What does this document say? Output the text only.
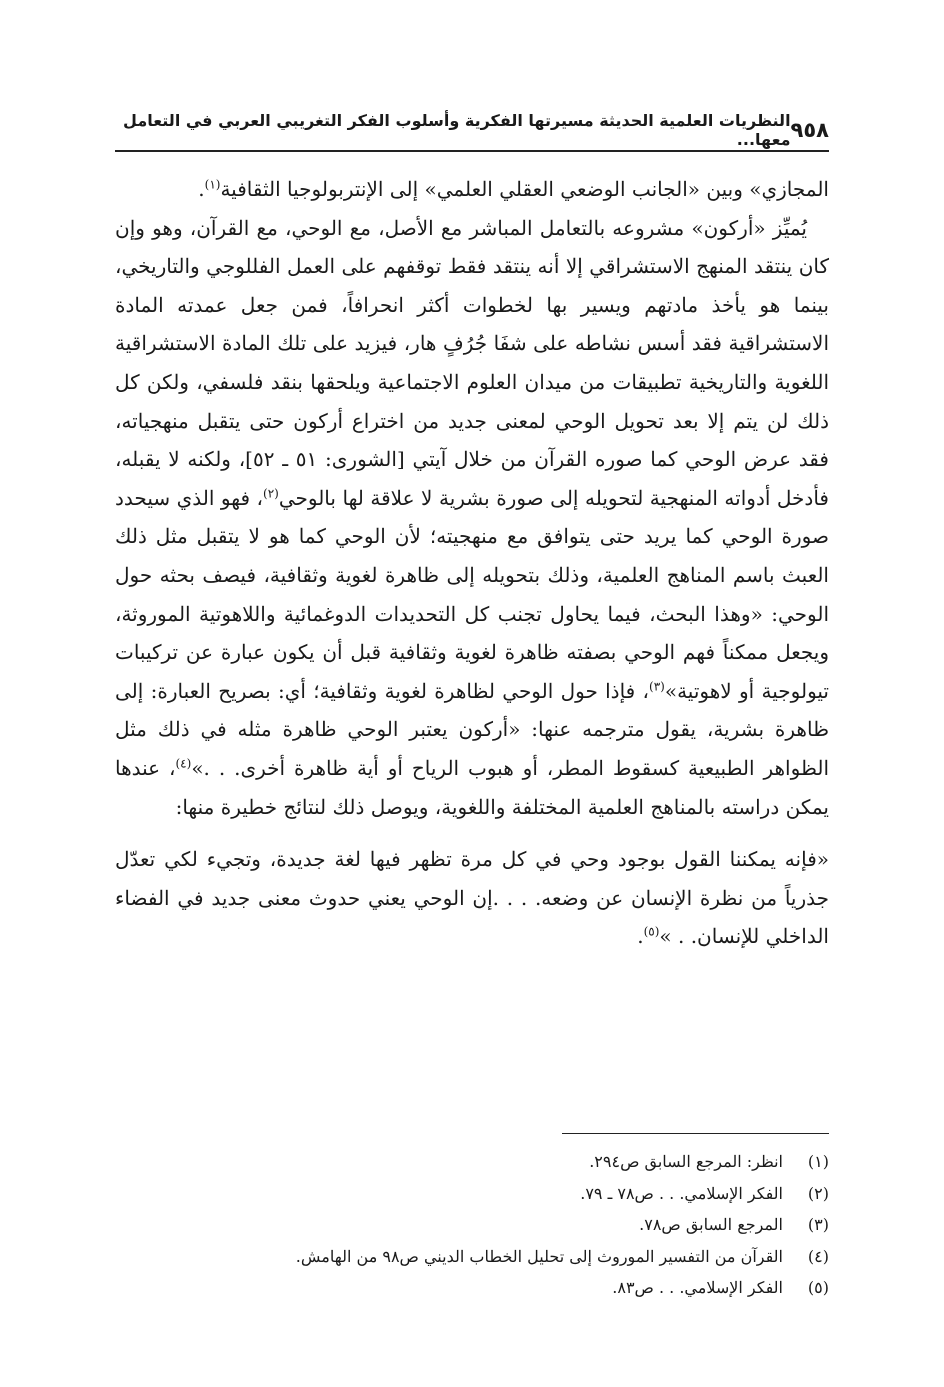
٩٥٨
النظريات العلمية الحديثة مسيرتها الفكرية وأسلوب الفكر التغريبي العربي في التعامل معها...

المجازي» وبين «الجانب الوضعي العقلي العلمي» إلى الإنتربولوجيا الثقافية$^{(١)}$.

يُميِّز «أركون» مشروعه بالتعامل المباشر مع الأصل، مع الوحي، مع القرآن، وهو وإن كان ينتقد المنهج الاستشراقي إلا أنه ينتقد فقط توقفهم على العمل الفللوجي والتاريخي، بينما هو يأخذ مادتهم ويسير بها لخطوات أكثر انحرافاً، فمن جعل عمدته المادة الاستشراقية فقد أسس نشاطه على شفَا جُرُفٍ هار، فيزيد على تلك المادة الاستشراقية اللغوية والتاريخية تطبيقات من ميدان العلوم الاجتماعية ويلحقها بنقد فلسفي، ولكن كل ذلك لن يتم إلا بعد تحويل الوحي لمعنى جديد من اختراع أركون حتى يتقبل منهجياته، فقد عرض الوحي كما صوره القرآن من خلال آيتي [الشورى: ٥١ ـ ٥٢]، ولكنه لا يقبله، فأدخل أدواته المنهجية لتحويله إلى صورة بشرية لا علاقة لها بالوحي$^{(٢)}$، فهو الذي سيحدد صورة الوحي كما يريد حتى يتوافق مع منهجيته؛ لأن الوحي كما هو لا يتقبل مثل ذلك العبث باسم المناهج العلمية، وذلك بتحويله إلى ظاهرة لغوية وثقافية، فيصف بحثه حول الوحي: «وهذا البحث، فيما يحاول تجنب كل التحديدات الدوغمائية واللاهوتية الموروثة، ويجعل ممكناً فهم الوحي بصفته ظاهرة لغوية وثقافية قبل أن يكون عبارة عن تركيبات تيولوجية أو لاهوتية»$^{(٣)}$، فإذا حول الوحي لظاهرة لغوية وثقافية؛ أي: بصريح العبارة: إلى ظاهرة بشرية، يقول مترجمه عنها: «أركون يعتبر الوحي ظاهرة مثله في ذلك مثل الظواهر الطبيعية كسقوط المطر، أو هبوب الرياح أو أية ظاهرة أخرى. . .»$^{(٤)}$، عندها يمكن دراسته بالمناهج العلمية المختلفة واللغوية، ويوصل ذلك لنتائج خطيرة منها:

«فإنه يمكننا القول بوجود وحي في كل مرة تظهر فيها لغة جديدة، وتجيء لكي تعدّل جذرياً من نظرة الإنسان عن وضعه. . . .إن الوحي يعني حدوث معنى جديد في الفضاء الداخلي للإنسان. . »$^{(٥)}$.

(١)
انظر: المرجع السابق ص٢٩٤.
(٢)
الفكر الإسلامي. . . ص٧٨ ـ ٧٩.
(٣)
المرجع السابق ص٧٨.
(٤)
القرآن من التفسير الموروث إلى تحليل الخطاب الديني ص٩٨ من الهامش.
(٥)
الفكر الإسلامي. . . ص٨٣.
